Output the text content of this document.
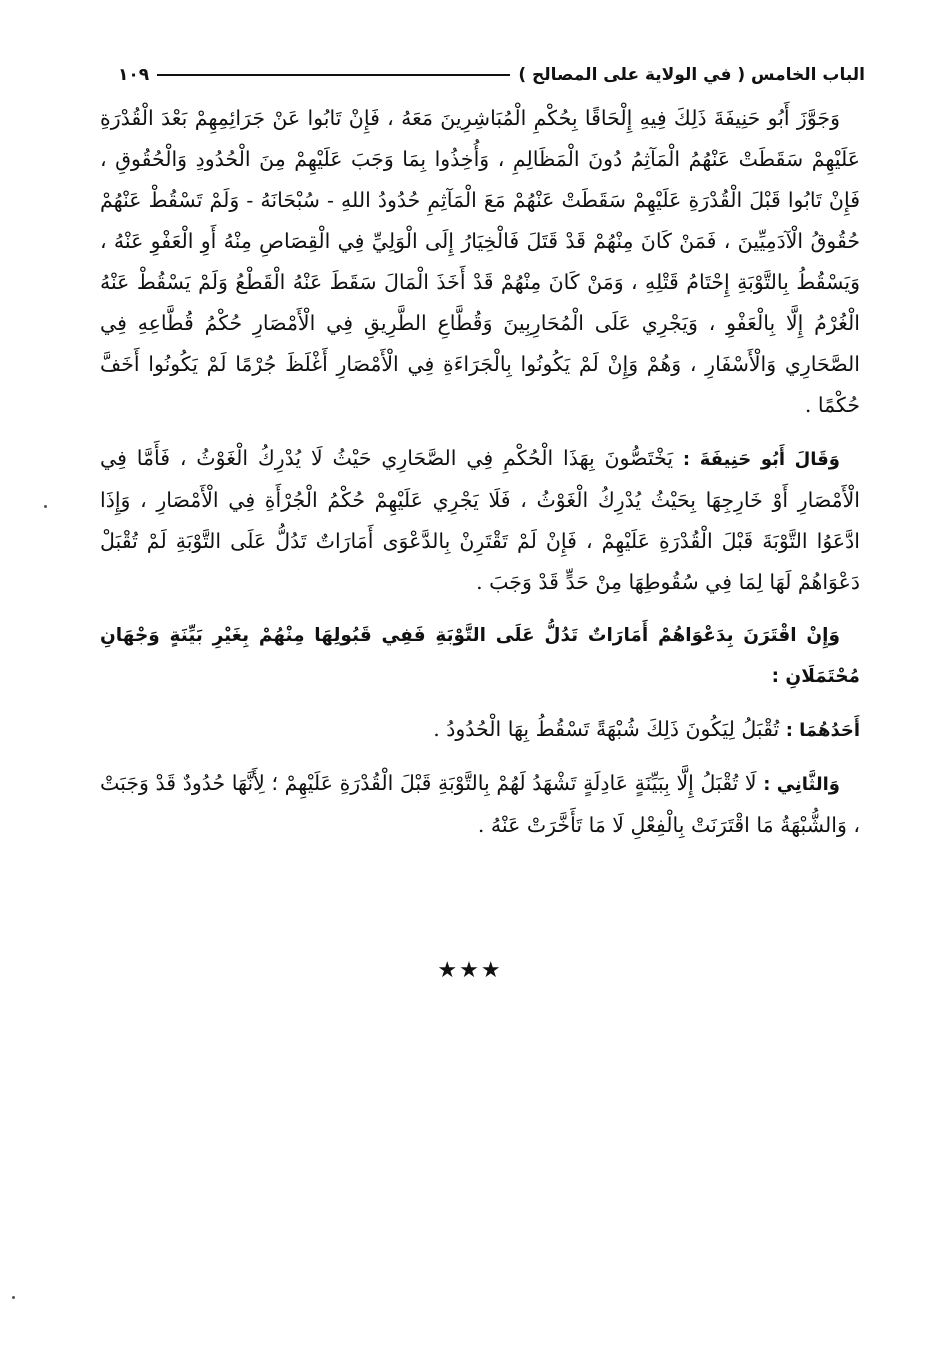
الباب الخامس ( في الولاية على المصالح )
١٠٩

وَجَوَّزَ أَبُو حَنِيفَةَ ذَلِكَ فِيهِ إِلْحَاقًا بِحُكْمِ الْمُبَاشِرِينَ مَعَهُ ، فَإِنْ تَابُوا عَنْ جَرَائِمِهِمْ بَعْدَ الْقُدْرَةِ عَلَيْهِمْ سَقَطَتْ عَنْهُمُ الْمَآثِمُ دُونَ الْمَظَالِمِ ، وَأُخِذُوا بِمَا وَجَبَ عَلَيْهِمْ مِنَ الْحُدُودِ وَالْحُقُوقِ ، فَإِنْ تَابُوا قَبْلَ الْقُدْرَةِ عَلَيْهِمْ سَقَطَتْ عَنْهُمْ مَعَ الْمَآثِمِ حُدُودُ اللهِ - سُبْحَانَهُ - وَلَمْ تَسْقُطْ عَنْهُمْ حُقُوقُ الْآدَمِيِّينَ ، فَمَنْ كَانَ مِنْهُمْ قَدْ قَتَلَ فَالْخِيَارُ إِلَى الْوَلِيِّ فِي الْقِصَاصِ مِنْهُ أَوِ الْعَفْوِ عَنْهُ ، وَيَسْقُطُ بِالتَّوْبَةِ إِحْتَامُ قَتْلِهِ ، وَمَنْ كَانَ مِنْهُمْ قَدْ أَخَذَ الْمَالَ سَقَطَ عَنْهُ الْقَطْعُ وَلَمْ يَسْقُطْ عَنْهُ الْغُرْمُ إِلَّا بِالْعَفْوِ ، وَيَجْرِي عَلَى الْمُحَارِبِينَ وَقُطَّاعِ الطَّرِيقِ فِي الْأَمْصَارِ حُكْمُ قُطَّاعِهِ فِي الصَّحَارِي وَالْأَسْفَارِ ، وَهُمْ وَإِنْ لَمْ يَكُونُوا بِالْجَرَاءَةِ فِي الْأَمْصَارِ أَغْلَظَ جُرْمًا لَمْ يَكُونُوا أَخَفَّ حُكْمًا .

وَقَالَ أَبُو حَنِيفَةَ : يَخْتَصُّونَ بِهَذَا الْحُكْمِ فِي الصَّحَارِي حَيْثُ لَا يُدْرِكُ الْغَوْثُ ، فَأَمَّا فِي الْأَمْصَارِ أَوْ خَارِجِهَا بِحَيْثُ يُدْرِكُ الْغَوْثُ ، فَلَا يَجْرِي عَلَيْهِمْ حُكْمُ الْجُرْأَةِ فِي الْأَمْصَارِ ، وَإِذَا ادَّعَوُا التَّوْبَةَ قَبْلَ الْقُدْرَةِ عَلَيْهِمْ ، فَإِنْ لَمْ تَقْتَرِنْ بِالدَّعْوَى أَمَارَاتٌ تَدُلُّ عَلَى التَّوْبَةِ لَمْ تُقْبَلْ دَعْوَاهُمْ لَهَا لِمَا فِي سُقُوطِهَا مِنْ حَدٍّ قَدْ وَجَبَ .

وَإِنْ اقْتَرَنَ بِدَعْوَاهُمْ أَمَارَاتٌ تَدُلُّ عَلَى التَّوْبَةِ فَفِي قَبُولِهَا مِنْهُمْ بِغَيْرِ بَيِّنَةٍ وَجْهَانِ مُحْتَمَلَانِ :

أَحَدُهُمَا : تُقْبَلُ لِيَكُونَ ذَلِكَ شُبْهَةً تَسْقُطُ بِهَا الْحُدُودُ .

وَالثَّانِي : لَا تُقْبَلُ إِلَّا بِبَيِّنَةٍ عَادِلَةٍ تَشْهَدُ لَهُمْ بِالتَّوْبَةِ قَبْلَ الْقُدْرَةِ عَلَيْهِمْ ؛ لِأَنَّهَا حُدُودٌ قَدْ وَجَبَتْ ، وَالشُّبْهَةُ مَا اقْتَرَنَتْ بِالْفِعْلِ لَا مَا تَأَخَّرَتْ عَنْهُ .

★★★
